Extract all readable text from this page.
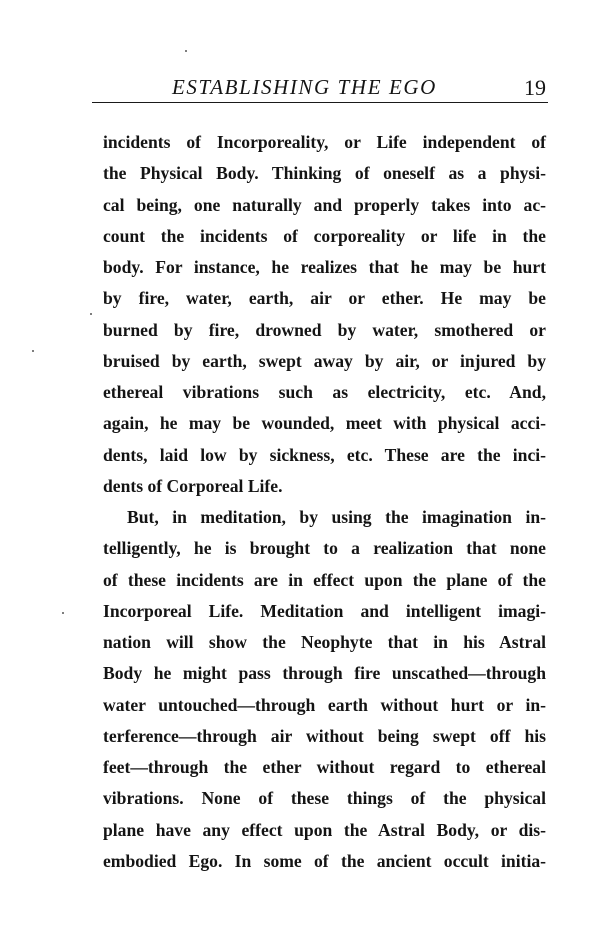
ESTABLISHING THE EGO	19
incidents of Incorporeality, or Life independent of
the Physical Body. Thinking of oneself as a physi-
cal being, one naturally and properly takes into ac-
count the incidents of corporeality or life in the
body. For instance, he realizes that he may be hurt
by fire, water, earth, air or ether. He may be
burned by fire, drowned by water, smothered or
bruised by earth, swept away by air, or injured by
ethereal vibrations such as electricity, etc. And,
again, he may be wounded, meet with physical acci-
dents, laid low by sickness, etc. These are the inci-
dents of Corporeal Life.
But, in meditation, by using the imagination in-
telligently, he is brought to a realization that none
of these incidents are in effect upon the plane of the
Incorporeal Life. Meditation and intelligent imagi-
nation will show the Neophyte that in his Astral
Body he might pass through fire unscathed—through
water untouched—through earth without hurt or in-
terference—through air without being swept off his
feet—through the ether without regard to ethereal
vibrations. None of these things of the physical
plane have any effect upon the Astral Body, or dis-
embodied Ego. In some of the ancient occult initia-
